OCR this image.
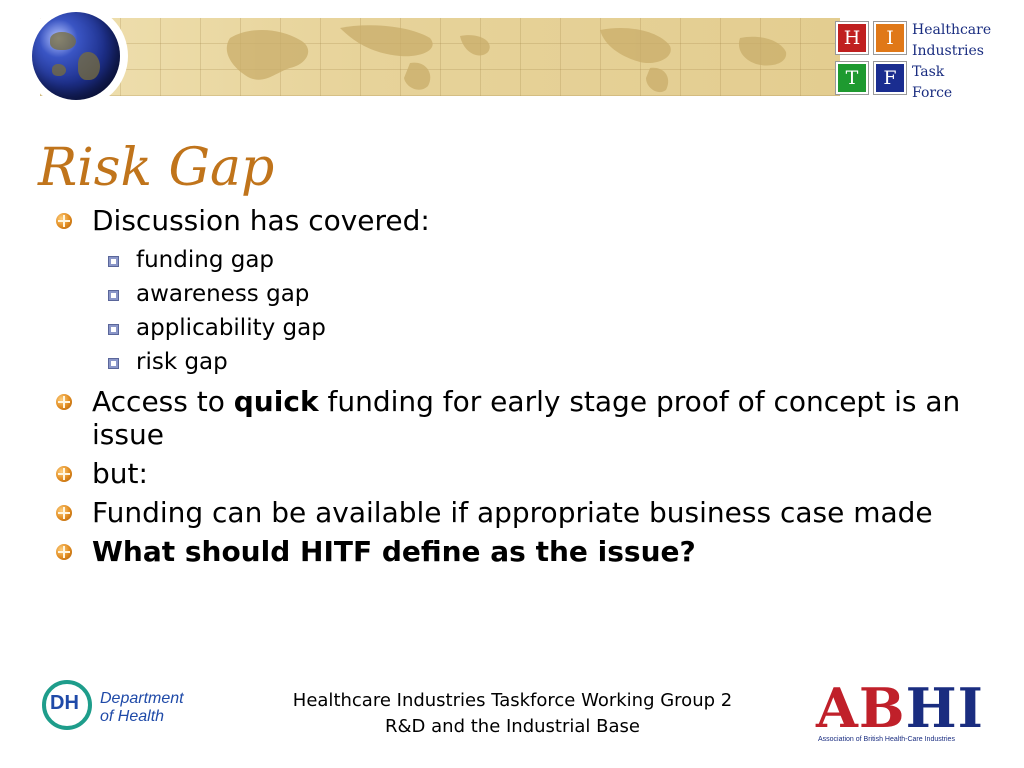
H	I
T	F
Healthcare
Industries
Task
Force
Risk Gap
Discussion has covered:
funding gap
awareness gap
applicability gap
risk gap
Access to quick funding for early stage proof of concept is an issue
but:
Funding can be available if appropriate business case made
What should HITF define as the issue?
DH Department
of Health
Healthcare Industries Taskforce Working Group 2
R&D and the Industrial Base	ABHI
Association of British Health-Care Industries
